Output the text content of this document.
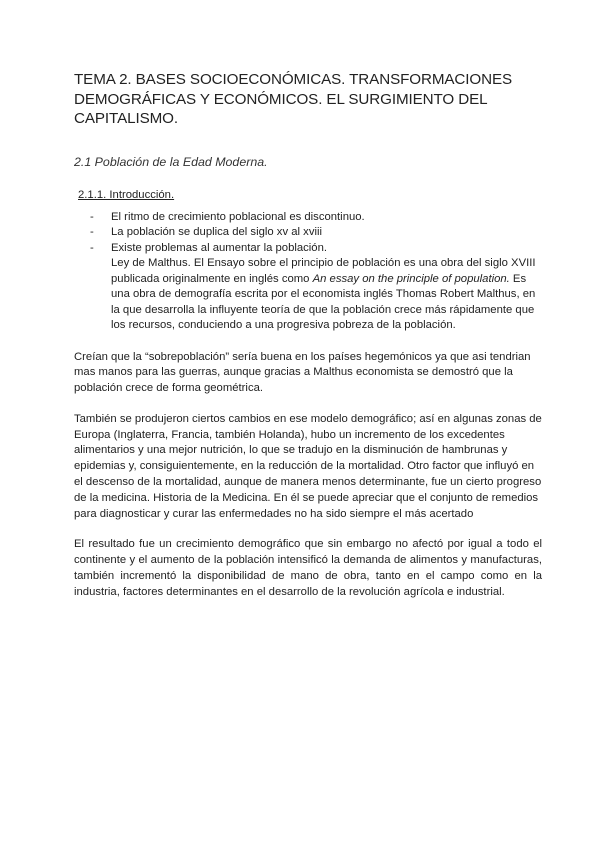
TEMA 2. BASES SOCIOECONÓMICAS. TRANSFORMACIONES DEMOGRÁFICAS Y ECONÓMICOS. EL SURGIMIENTO DEL CAPITALISMO.
2.1 Población de la Edad Moderna.
2.1.1. Introducción.
- El ritmo de crecimiento poblacional es discontinuo.
- La población se duplica del siglo xv al xviii
- Existe problemas al aumentar la población.

Ley de Malthus. El Ensayo sobre el principio de población es una obra del siglo XVIII publicada originalmente en inglés como An essay on the principle of population. Es una obra de demografía escrita por el economista inglés Thomas Robert Malthus, en la que desarrolla la influyente teoría de que la población crece más rápidamente que los recursos, conduciendo a una progresiva pobreza de la población.

Creían que la “sobrepoblación” sería buena en los países hegemónicos ya que asi tendrian mas manos para las guerras, aunque gracias a Malthus economista se demostró que la población crece de forma geométrica.

También se produjeron ciertos cambios en ese modelo demográfico; así en algunas zonas de Europa (Inglaterra, Francia, también Holanda), hubo un incremento de los excedentes alimentarios y una mejor nutrición, lo que se tradujo en la disminución de hambrunas y epidemias y, consiguientemente, en la reducción de la mortalidad. Otro factor que influyó en el descenso de la mortalidad, aunque de manera menos determinante, fue un cierto progreso de la medicina. Historia de la Medicina. En él se puede apreciar que el conjunto de remedios para diagnosticar y curar las enfermedades no ha sido siempre el más acertado

El resultado fue un crecimiento demográfico que sin embargo no afectó por igual a todo el continente y el aumento de la población intensificó la demanda de alimentos y manufacturas, también incrementó la disponibilidad de mano de obra, tanto en el campo como en la industria, factores determinantes en el desarrollo de la revolución agrícola e industrial.
